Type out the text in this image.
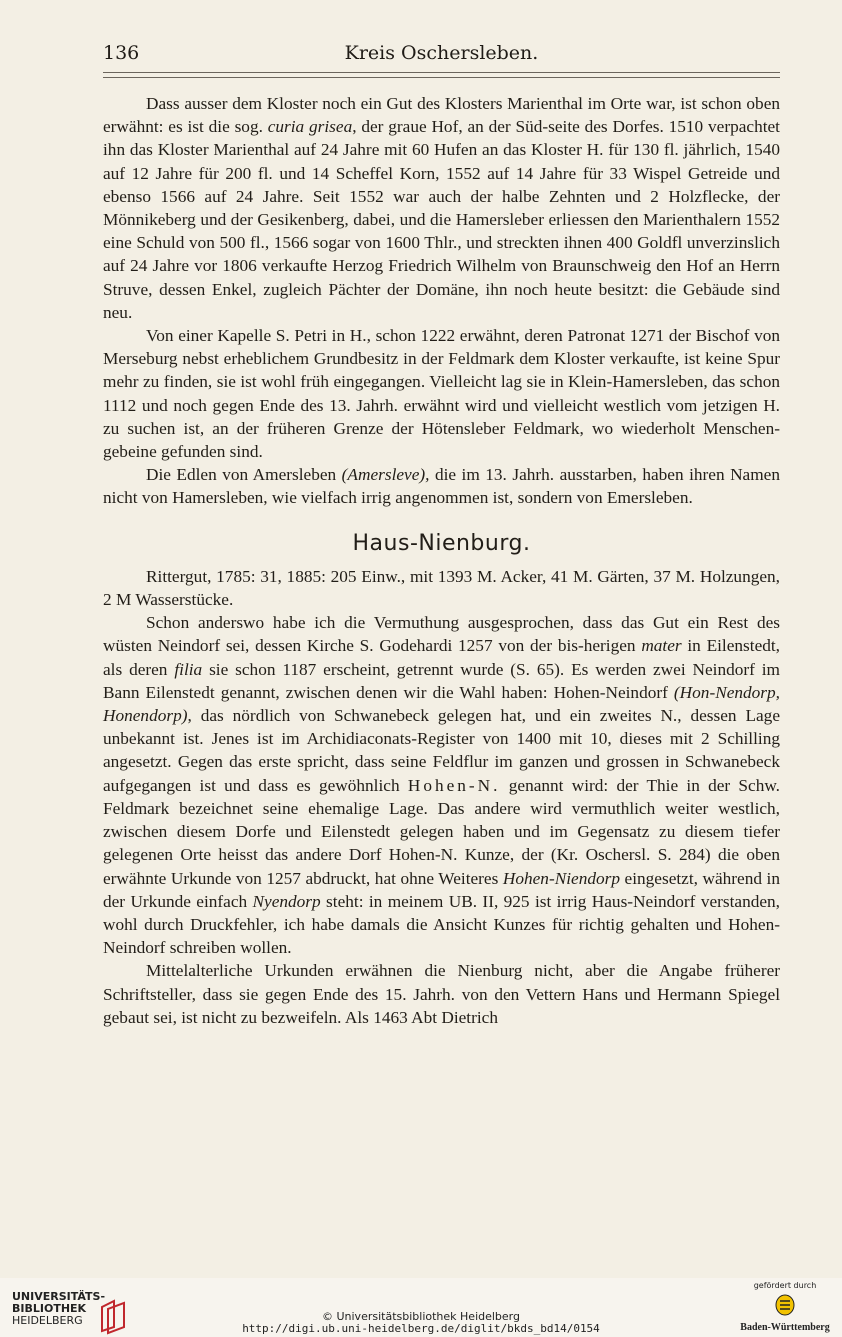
136	Kreis Oschersleben.

Dass ausser dem Kloster noch ein Gut des Klosters Marienthal im Orte war, ist schon oben erwähnt: es ist die sog. curia grisea, der graue Hof, an der Süd-seite des Dorfes. 1510 verpachtet ihn das Kloster Marienthal auf 24 Jahre mit 60 Hufen an das Kloster H. für 130 fl. jährlich, 1540 auf 12 Jahre für 200 fl. und 14 Scheffel Korn, 1552 auf 14 Jahre für 33 Wispel Getreide und ebenso 1566 auf 24 Jahre. Seit 1552 war auch der halbe Zehnten und 2 Holzflecke, der Mönnikeberg und der Gesikenberg, dabei, und die Hamersleber erliessen den Marienthalern 1552 eine Schuld von 500 fl., 1566 sogar von 1600 Thlr., und streckten ihnen 400 Goldfl unverzinslich auf 24 Jahre vor 1806 verkaufte Herzog Friedrich Wilhelm von Braunschweig den Hof an Herrn Struve, dessen Enkel, zugleich Pächter der Domäne, ihn noch heute besitzt: die Gebäude sind neu.

Von einer Kapelle S. Petri in H., schon 1222 erwähnt, deren Patronat 1271 der Bischof von Merseburg nebst erheblichem Grundbesitz in der Feldmark dem Kloster verkaufte, ist keine Spur mehr zu finden, sie ist wohl früh eingegangen. Vielleicht lag sie in Klein-Hamersleben, das schon 1112 und noch gegen Ende des 13. Jahrh. erwähnt wird und vielleicht westlich vom jetzigen H. zu suchen ist, an der früheren Grenze der Hötensleber Feldmark, wo wiederholt Menschen-gebeine gefunden sind.

Die Edlen von Amersleben (Amersleve), die im 13. Jahrh. ausstarben, haben ihren Namen nicht von Hamersleben, wie vielfach irrig angenommen ist, sondern von Emersleben.

Haus-Nienburg.

Rittergut, 1785: 31, 1885: 205 Einw., mit 1393 M. Acker, 41 M. Gärten, 37 M. Holzungen, 2 M Wasserstücke.

Schon anderswo habe ich die Vermuthung ausgesprochen, dass das Gut ein Rest des wüsten Neindorf sei, dessen Kirche S. Godehardi 1257 von der bis-herigen mater in Eilenstedt, als deren filia sie schon 1187 erscheint, getrennt wurde (S. 65). Es werden zwei Neindorf im Bann Eilenstedt genannt, zwischen denen wir die Wahl haben: Hohen-Neindorf (Hon-Nendorp, Honendorp), das nördlich von Schwanebeck gelegen hat, und ein zweites N., dessen Lage unbekannt ist. Jenes ist im Archidiaconats-Register von 1400 mit 10, dieses mit 2 Schilling angesetzt. Gegen das erste spricht, dass seine Feldflur im ganzen und grossen in Schwanebeck aufgegangen ist und dass es gewöhnlich Hohen-N. genannt wird: der Thie in der Schw. Feldmark bezeichnet seine ehemalige Lage. Das andere wird vermuthlich weiter westlich, zwischen diesem Dorfe und Eilenstedt gelegen haben und im Gegensatz zu diesem tiefer gelegenen Orte heisst das andere Dorf Hohen-N. Kunze, der (Kr. Oschersl. S. 284) die oben erwähnte Urkunde von 1257 abdruckt, hat ohne Weiteres Hohen-Niendorp eingesetzt, während in der Urkunde einfach Nyendorp steht: in meinem UB. II, 925 ist irrig Haus-Neindorf verstanden, wohl durch Druckfehler, ich habe damals die Ansicht Kunzes für richtig gehalten und Hohen-Neindorf schreiben wollen.

Mittelalterliche Urkunden erwähnen die Nienburg nicht, aber die Angabe früherer Schriftsteller, dass sie gegen Ende des 15. Jahrh. von den Vettern Hans und Hermann Spiegel gebaut sei, ist nicht zu bezweifeln. Als 1463 Abt Dietrich

UNIVERSITÄTS-
BIBLIOTHEK
HEIDELBERG	© Universitätsbibliothek Heidelberg
http://digi.ub.uni-heidelberg.de/diglit/bkds_bd14/0154
gefördert durch
Baden-Württemberg
